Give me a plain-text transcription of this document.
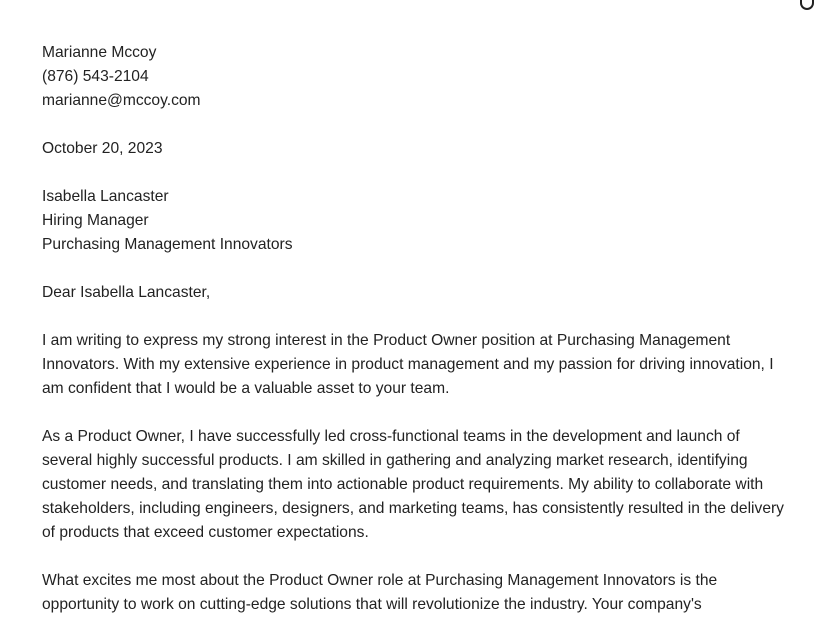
Marianne Mccoy
(876) 543-2104
marianne@mccoy.com
October 20, 2023
Isabella Lancaster
Hiring Manager
Purchasing Management Innovators
Dear Isabella Lancaster,

I am writing to express my strong interest in the Product Owner position at Purchasing Management Innovators. With my extensive experience in product management and my passion for driving innovation, I am confident that I would be a valuable asset to your team.

As a Product Owner, I have successfully led cross-functional teams in the development and launch of several highly successful products. I am skilled in gathering and analyzing market research, identifying customer needs, and translating them into actionable product requirements. My ability to collaborate with stakeholders, including engineers, designers, and marketing teams, has consistently resulted in the delivery of products that exceed customer expectations.

What excites me most about the Product Owner role at Purchasing Management Innovators is the opportunity to work on cutting-edge solutions that will revolutionize the industry. Your company's
